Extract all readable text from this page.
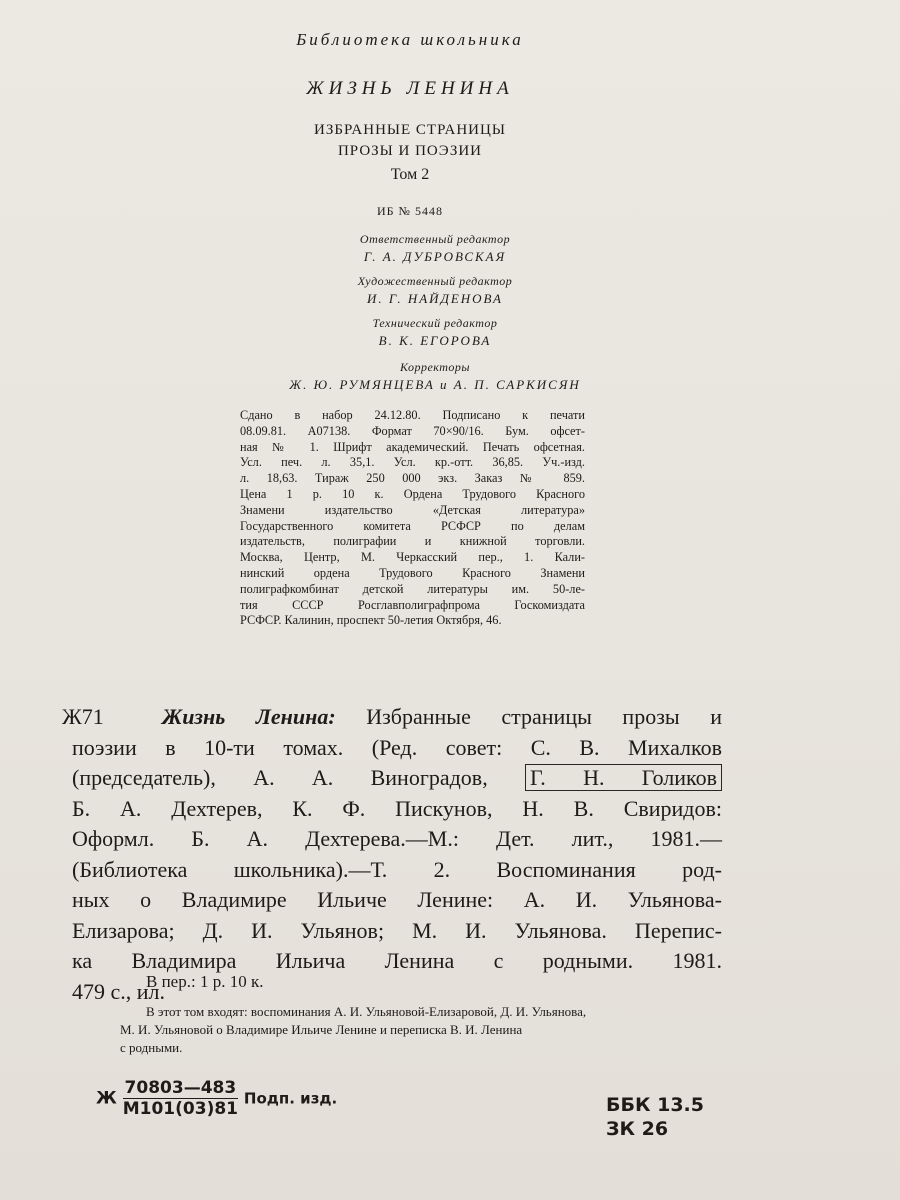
Библиотека школьника
ЖИЗНЬ ЛЕНИНА
ИЗБРАННЫЕ СТРАНИЦЫ
ПРОЗЫ И ПОЭЗИИ
Том 2
ИБ № 5448
Ответственный редактор
Г. А. ДУБРОВСКАЯ
Художественный редактор
И. Г. НАЙДЕНОВА
Технический редактор
В. К. ЕГОРОВА
Корректоры
Ж. Ю. РУМЯНЦЕВА и А. П. САРКИСЯН
Сдано в набор 24.12.80. Подписано к печати
08.09.81. А07138. Формат 70×90/16. Бум. офсет-
ная № 1. Шрифт академический. Печать офсетная.
Усл. печ. л. 35,1. Усл. кр.-отт. 36,85. Уч.-изд.
л. 18,63. Тираж 250 000 экз. Заказ № 859.
Цена 1 р. 10 к. Ордена Трудового Красного
Знамени издательство «Детская литература»
Государственного комитета РСФСР по делам
издательств, полиграфии и книжной торговли.
Москва, Центр, М. Черкасский пер., 1. Кали-
нинский ордена Трудового Красного Знамени
полиграфкомбинат детской литературы им. 50-ле-
тия СССР Росглавполиграфпрома Госкомиздата
РСФСР. Калинин, проспект 50-летия Октября, 46.
Ж71	Жизнь Ленина: Избранные страницы прозы и
поэзии в 10-ти томах. (Ред. совет: С. В. Михалков
(председатель), А. А. Виноградов, Г. Н. Голиков
Б. А. Дехтерев, К. Ф. Пискунов, Н. В. Свиридов:
Оформл. Б. А. Дехтерева.—М.: Дет. лит., 1981.—
(Библиотека школьника).—Т. 2. Воспоминания род-
ных о Владимире Ильиче Ленине: А. И. Ульянова-
Елизарова; Д. И. Ульянов; М. И. Ульянова. Перепис-
ка Владимира Ильича Ленина с родными. 1981.
479 с., ил.
В пер.: 1 р. 10 к.
В этот том входят: воспоминания А. И. Ульяновой-Елизаровой, Д. И. Ульянова,
М. И. Ульяновой о Владимире Ильиче Ленине и переписка В. И. Ленина
с родными.
Ж $\frac{70803—483}{М101(03)81}$ Подп. изд.	ББК 13.5
ЗК 26
